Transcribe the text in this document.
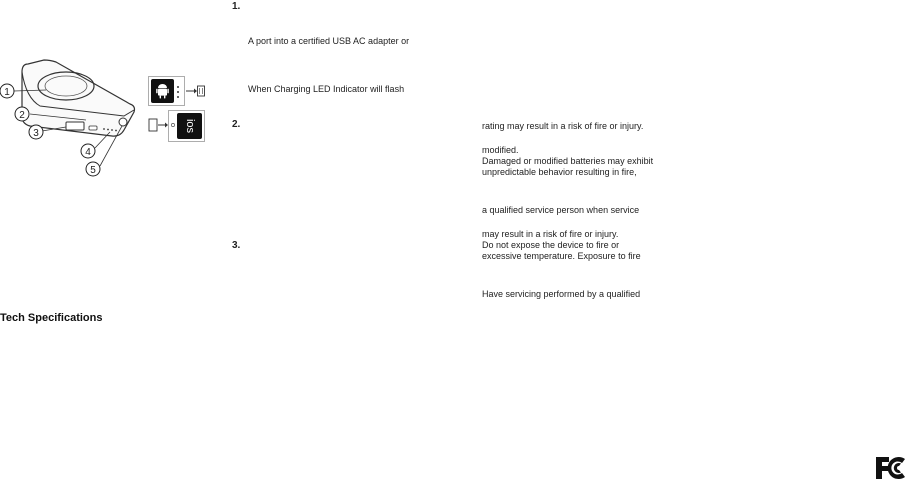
1
2
3
4
5
ios
1.
A port into a certified USB AC adapter or
When Charging LED Indicator will flash
2.	rating may result in a risk of fire or injury.
modified.
Damaged or modified batteries may exhibit
unpredictable behavior resulting in fire,
a qualified service person when service
may result in a risk of fire or injury.
3.	Do not expose the device to fire or
excessive temperature. Exposure to fire
Have servicing performed by a qualified
Tech Specifications
